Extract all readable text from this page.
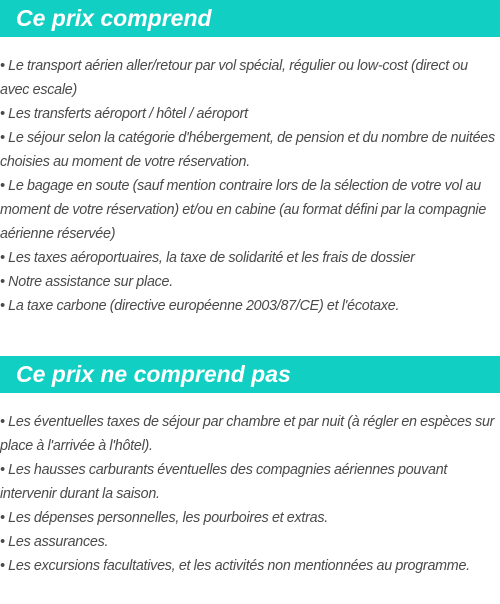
Ce prix comprend
• Le transport aérien aller/retour par vol spécial, régulier ou low-cost (direct ou avec escale)
• Les transferts aéroport / hôtel / aéroport
• Le séjour selon la catégorie d'hébergement, de pension et du nombre de nuitées choisies au moment de votre réservation.
• Le bagage en soute (sauf mention contraire lors de la sélection de votre vol au moment de votre réservation) et/ou en cabine (au format défini par la compagnie aérienne réservée)
• Les taxes aéroportuaires, la taxe de solidarité et les frais de dossier
• Notre assistance sur place.
• La taxe carbone (directive européenne 2003/87/CE) et l'écotaxe.
Ce prix ne comprend pas
• Les éventuelles taxes de séjour par chambre et par nuit (à régler en espèces sur place à l'arrivée à l'hôtel).
• Les hausses carburants éventuelles des compagnies aériennes pouvant intervenir durant la saison.
• Les dépenses personnelles, les pourboires et extras.
• Les assurances.
• Les excursions facultatives, et les activités non mentionnées au programme.
